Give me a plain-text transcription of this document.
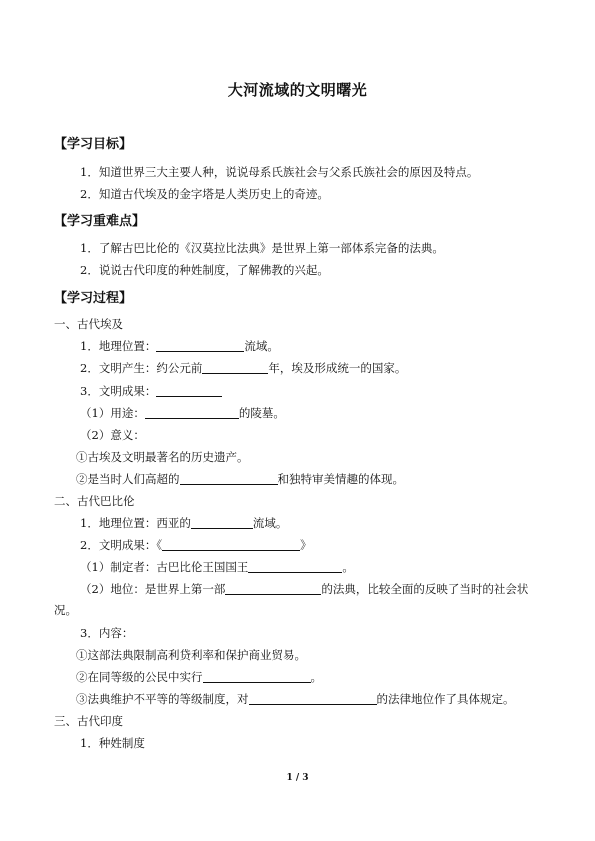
大河流域的文明曙光
【学习目标】
1．知道世界三大主要人种，说说母系氏族社会与父系氏族社会的原因及特点。
2．知道古代埃及的金字塔是人类历史上的奇迹。
【学习重难点】
1．了解古巴比伦的《汉莫拉比法典》是世界上第一部体系完备的法典。
2．说说古代印度的种姓制度，了解佛教的兴起。
【学习过程】
一、古代埃及
1．地理位置：	流域。
2．文明产生：约公元前	年，埃及形成统一的国家。
3．文明成果：
（1）用途：	的陵墓。
（2）意义：
①古埃及文明最著名的历史遗产。
②是当时人们高超的	和独特审美情趣的体现。
二、古代巴比伦
1．地理位置：西亚的	流域。
2．文明成果：《	》
（1）制定者：古巴比伦王国国王	。
（2）地位：是世界上第一部	的法典，比较全面的反映了当时的社会状
况。
3．内容：
①这部法典限制高利贷利率和保护商业贸易。
②在同等级的公民中实行	。
③法典维护不平等的等级制度，对	的法律地位作了具体规定。
三、古代印度
1．种姓制度
1 / 3
